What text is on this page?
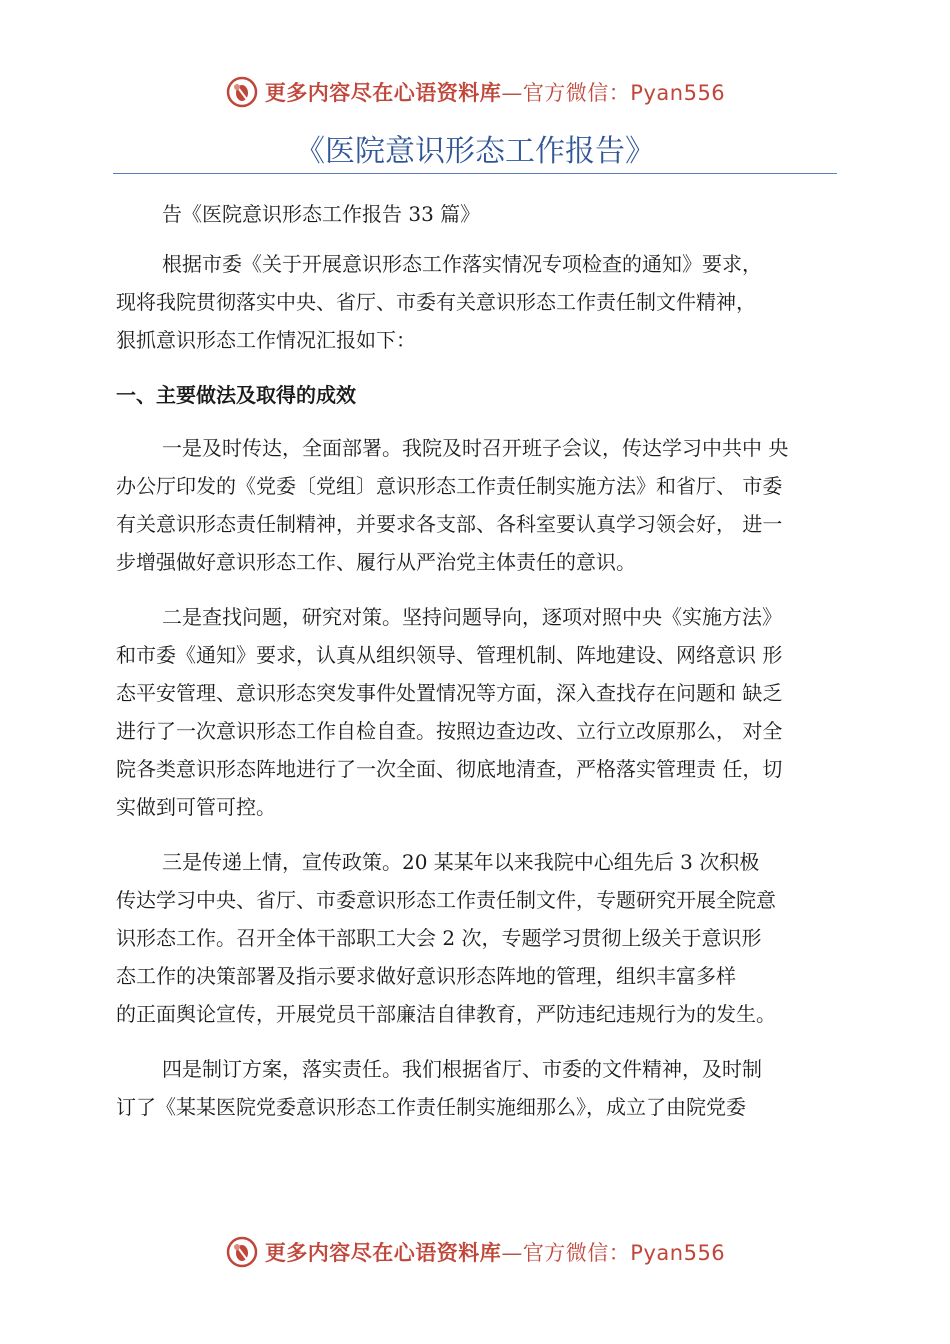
更多内容尽在心语资料库—官方微信：Pyan556
《医院意识形态工作报告》
告《医院意识形态工作报告 33 篇》
根据市委《关于开展意识形态工作落实情况专项检查的通知》要求，
现将我院贯彻落实中央、省厅、市委有关意识形态工作责任制文件精神，
狠抓意识形态工作情况汇报如下：
一、主要做法及取得的成效
一是及时传达，全面部署。我院及时召开班子会议，传达学习中共中 央
办公厅印发的《党委〔党组〕意识形态工作责任制实施方法》和省厅、 市委
有关意识形态责任制精神，并要求各支部、各科室要认真学习领会好， 进一
步增强做好意识形态工作、履行从严治党主体责任的意识。
二是查找问题，研究对策。坚持问题导向，逐项对照中央《实施方法》
和市委《通知》要求，认真从组织领导、管理机制、阵地建设、网络意识 形
态平安管理、意识形态突发事件处置情况等方面，深入查找存在问题和 缺乏
进行了一次意识形态工作自检自查。按照边查边改、立行立改原那么， 对全
院各类意识形态阵地进行了一次全面、彻底地清查，严格落实管理责 任，切
实做到可管可控。
三是传递上情，宣传政策。20 某某年以来我院中心组先后 3 次积极
传达学习中央、省厅、市委意识形态工作责任制文件，专题研究开展全院意
识形态工作。召开全体干部职工大会 2 次，专题学习贯彻上级关于意识形
态工作的决策部署及指示要求做好意识形态阵地的管理，组织丰富多样
的正面舆论宣传，开展党员干部廉洁自律教育，严防违纪违规行为的发生。
四是制订方案，落实责任。我们根据省厅、市委的文件精神，及时制
订了《某某医院党委意识形态工作责任制实施细那么》，成立了由院党委
更多内容尽在心语资料库—官方微信：Pyan556
